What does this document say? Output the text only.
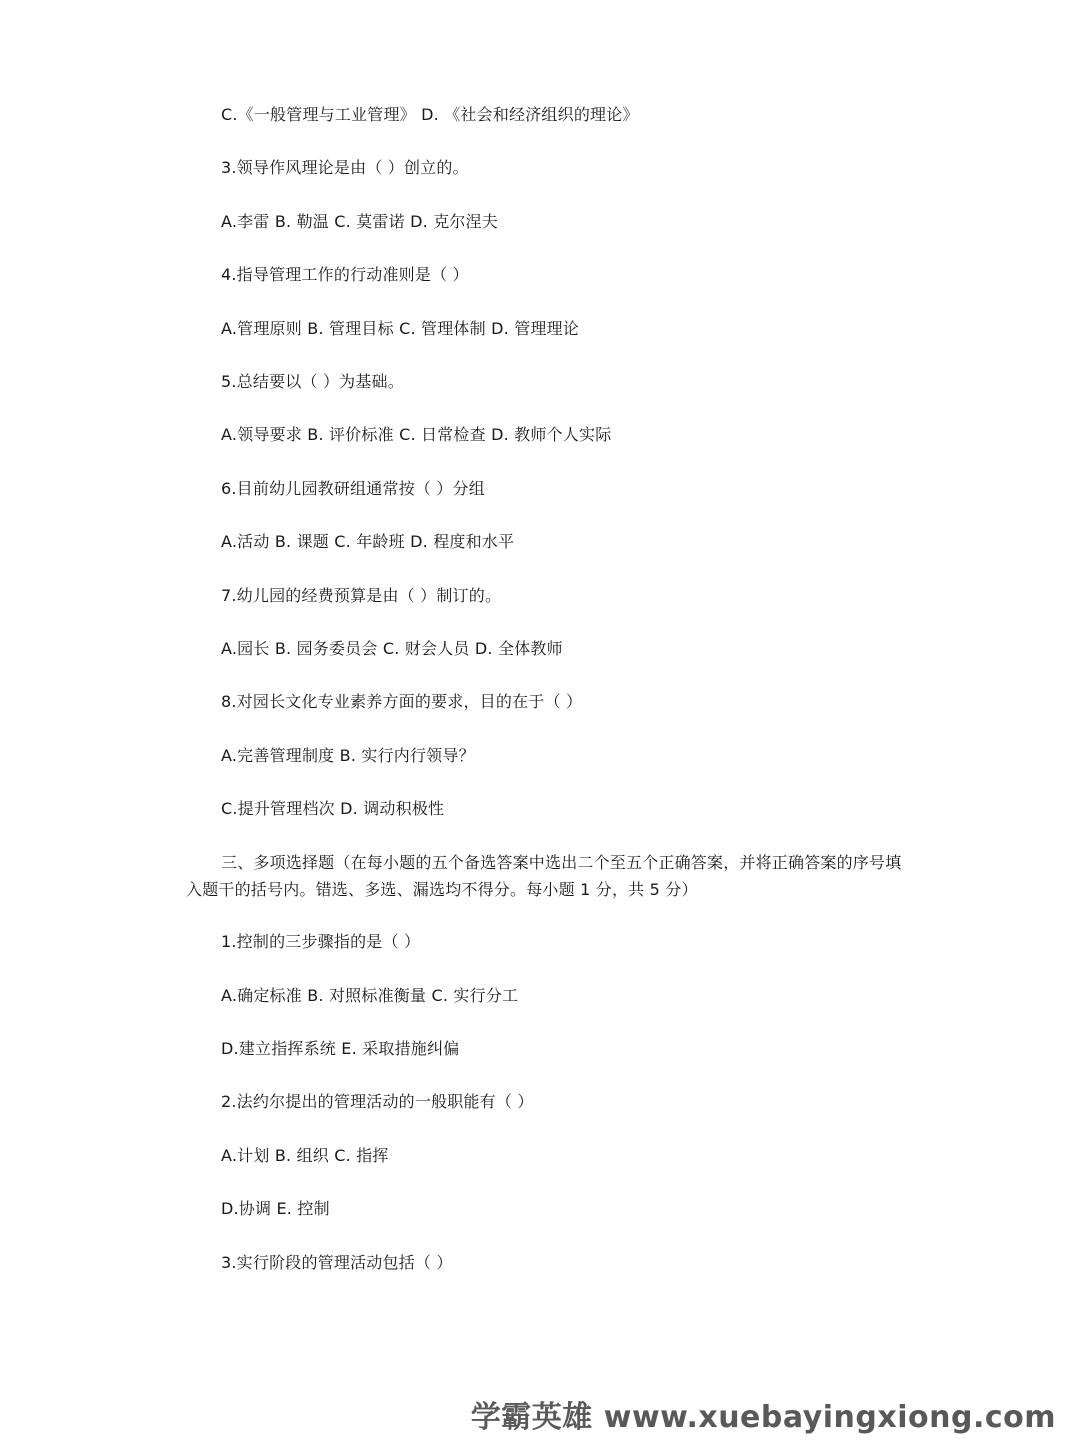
C.《一般管理与工业管理》 D. 《社会和经济组织的理论》
3.领导作风理论是由（ ）创立的。
A.李雷 B. 勒温 C. 莫雷诺 D. 克尔涅夫
4.指导管理工作的行动准则是（ ）
A.管理原则 B. 管理目标 C. 管理体制 D. 管理理论
5.总结要以（ ）为基础。
A.领导要求 B. 评价标准 C. 日常检查 D. 教师个人实际
6.目前幼儿园教研组通常按（ ）分组
A.活动 B. 课题 C. 年龄班 D. 程度和水平
7.幼儿园的经费预算是由（ ）制订的。
A.园长 B. 园务委员会 C. 财会人员 D. 全体教师
8.对园长文化专业素养方面的要求，目的在于（ ）
A.完善管理制度 B. 实行内行领导？
C.提升管理档次 D. 调动积极性
三、多项选择题（在每小题的五个备选答案中选出二个至五个正确答案，并将正确答案的序号填入题干的括号内。错选、多选、漏选均不得分。每小题 1 分，共 5 分）
1.控制的三步骤指的是（ ）
A.确定标准 B. 对照标准衡量 C. 实行分工
D.建立指挥系统 E. 采取措施纠偏
2.法约尔提出的管理活动的一般职能有（ ）
A.计划 B. 组织 C. 指挥
D.协调 E. 控制
3.实行阶段的管理活动包括（ ）
学霸英雄 www.xuebayingxiong.com
